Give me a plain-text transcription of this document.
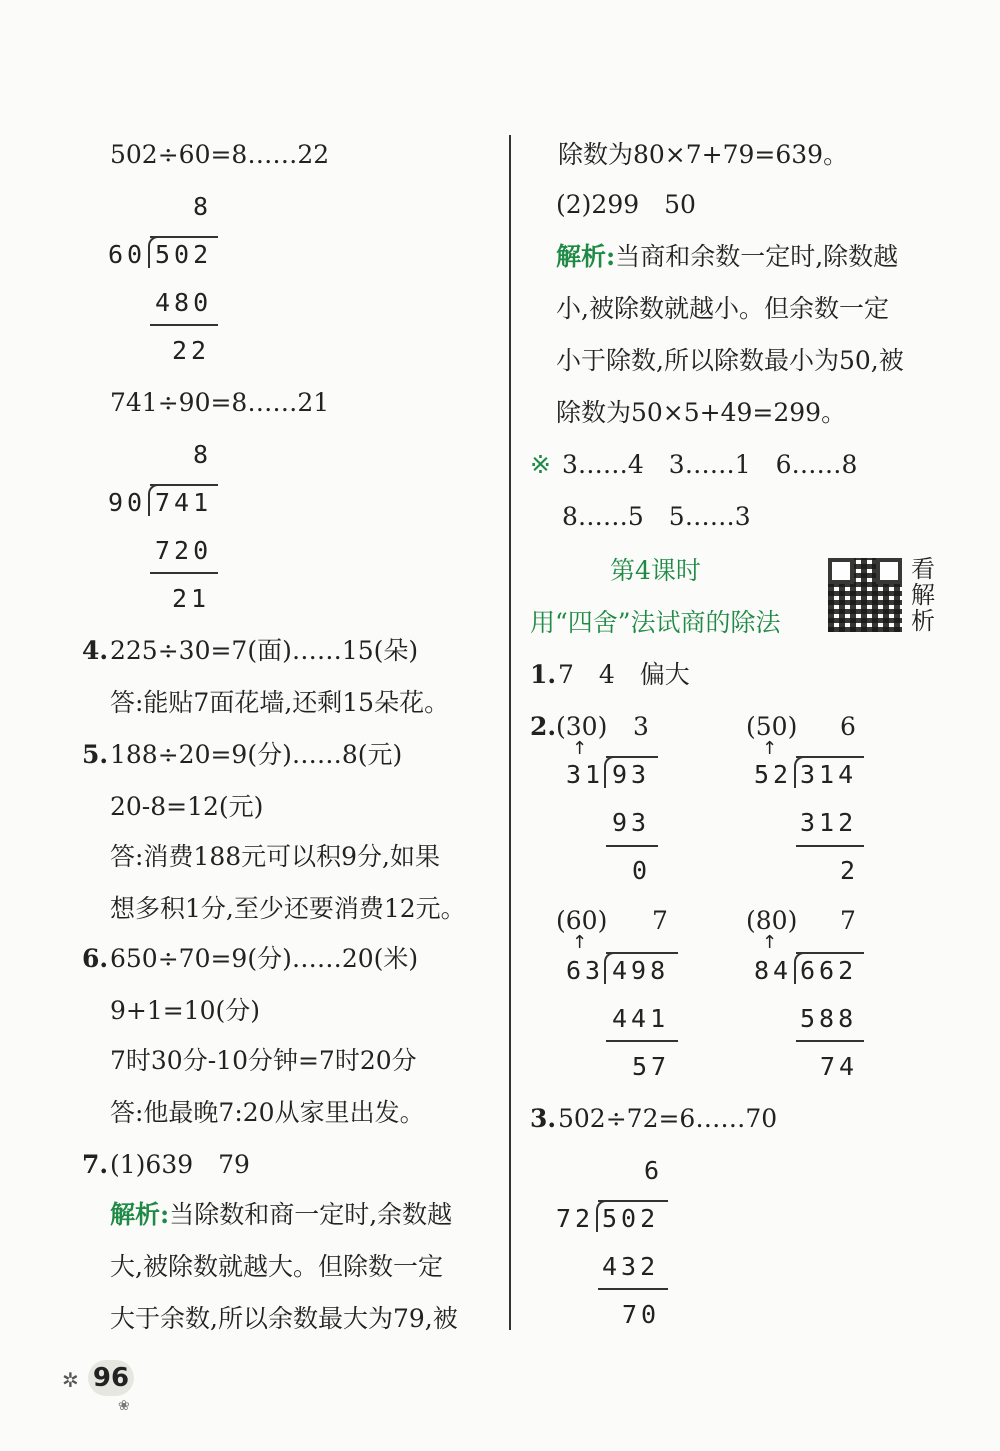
502÷60=8……22
8
60 502
480
22
741÷90=8……21
8
90 741
720
21
4. 225÷30=7(面)……15(朵)
答:能贴7面花墙,还剩15朵花。
5. 188÷20=9(分)……8(元)
20-8=12(元)
答:消费188元可以积9分,如果
想多积1分,至少还要消费12元。
6. 650÷70=9(分)……20(米)
9+1=10(分)
7时30分-10分钟=7时20分
答:他最晚7:20从家里出发。
7. (1)639　79
解析:当除数和商一定时,余数越
大,被除数就越大。但除数一定
大于余数,所以余数最大为79,被
除数为80×7+79=639。
(2)299　50
解析:当商和余数一定时,除数越
小,被除数就越小。但余数一定
小于除数,所以除数最小为50,被
除数为50×5+49=299。
※ 3……4　3……1　6……8
8……5　5……3
第4课时
用“四舍”法试商的除法
看解析
1. 7　4　偏大
2. (30) 3
↑
31 93
93
0
(50) 6
↑
52 314
312
2
(60) 7
↑
63 498
441
57
(80) 7
↑
84 662
588
74
3. 502÷72=6……70
6
72 502
432
70
✲ 96
❀
